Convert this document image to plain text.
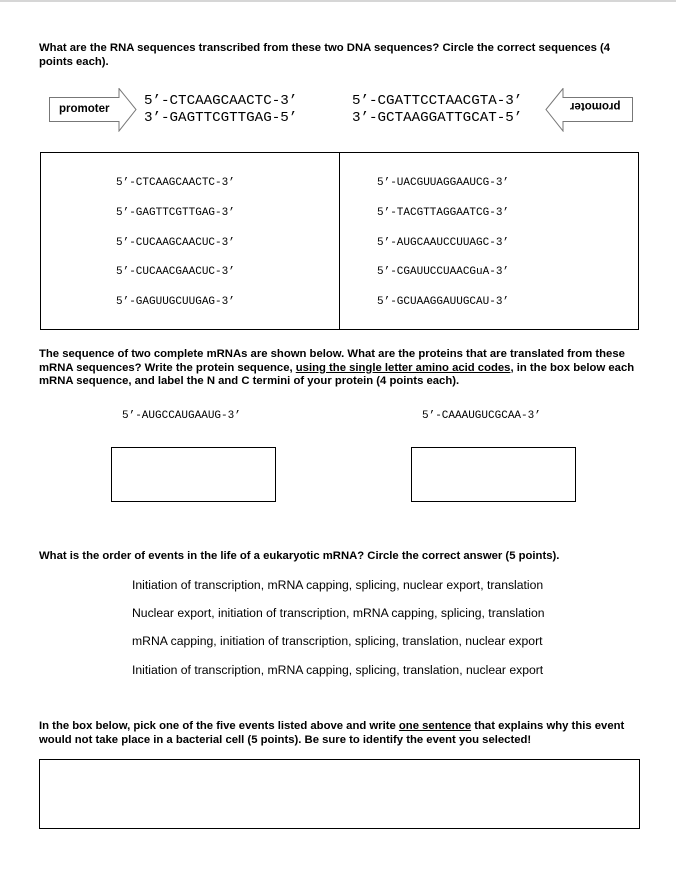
What are the RNA sequences transcribed from these two DNA sequences? Circle the correct sequences (4 points each).
promoter 5’-CTCAAGCAACTC-3’
3’-GAGTTCGTTGAG-5’
5’-CGATTCCTAACGTA-3’
3’-GCTAAGGATTGCAT-5’
promoter
5’-CTCAAGCAACTC-3’
5’-GAGTTCGTTGAG-3’
5’-CUCAAGCAACUC-3’
5’-CUCAACGAACUC-3’
5’-GAGUUGCUUGAG-3’
5’-UACGUUAGGAAUCG-3’
5’-TACGTTAGGAATCG-3’
5’-AUGCAAUCCUUAGC-3’
5’-CGAUUCCUAACGuA-3’
5’-GCUAAGGAUUGCAU-3’
The sequence of two complete mRNAs are shown below. What are the proteins that are translated from these mRNA sequences? Write the protein sequence, using the single letter amino acid codes, in the box below each mRNA sequence, and label the N and C termini of your protein (4 points each).
5’-AUGCCAUGAAUG-3’	5’-CAAAUGUCGCAA-3’
What is the order of events in the life of a eukaryotic mRNA? Circle the correct answer (5 points).
Initiation of transcription, mRNA capping, splicing, nuclear export, translation
Nuclear export, initiation of transcription, mRNA capping, splicing, translation
mRNA capping, initiation of transcription, splicing, translation, nuclear export
Initiation of transcription, mRNA capping, splicing, translation, nuclear export
In the box below, pick one of the five events listed above and write one sentence that explains why this event would not take place in a bacterial cell (5 points). Be sure to identify the event you selected!
